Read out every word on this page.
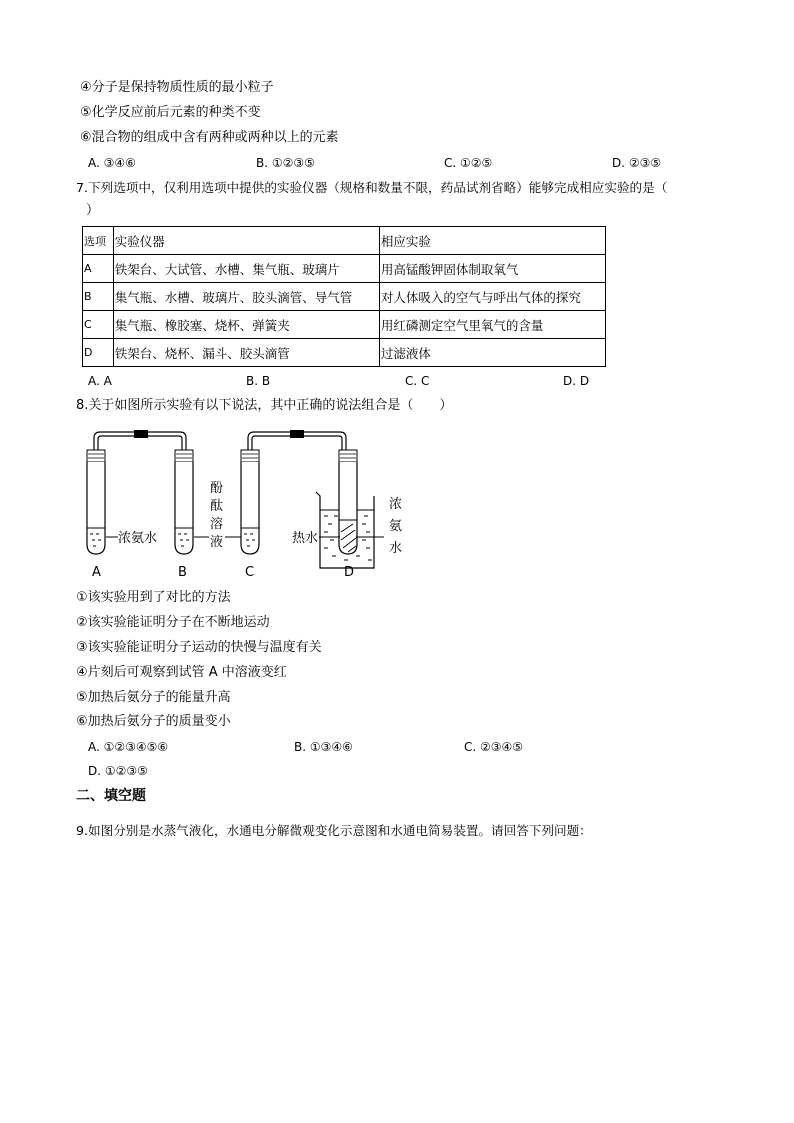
④分子是保持物质性质的最小粒子
⑤化学反应前后元素的种类不变
⑥混合物的组成中含有两种或两种以上的元素
A. ③④⑥	B. ①②③⑤	C. ①②⑤	D. ②③⑤
7.下列选项中，仅利用选项中提供的实验仪器（规格和数量不限，药品试剂省略）能够完成相应实验的是（
）
选项	实验仪器	相应实验
A	铁架台、大试管、水槽、集气瓶、玻璃片	用高锰酸钾固体制取氧气
B	集气瓶、水槽、玻璃片、胶头滴管、导气管	对人体吸入的空气与呼出气体的探究
C	集气瓶、橡胶塞、烧杯、弹簧夹	用红磷测定空气里氧气的含量
D	铁架台、烧杯、漏斗、胶头滴管	过滤液体
A. A	B. B	C. C	D. D
8.关于如图所示实验有以下说法，其中正确的说法组合是（　　）
浓氨水
酚
酞
溶
液	热水
浓
氨
水
A	B	C	D
①该实验用到了对比的方法
②该实验能证明分子在不断地运动
③该实验能证明分子运动的快慢与温度有关
④片刻后可观察到试管 A 中溶液变红
⑤加热后氨分子的能量升高
⑥加热后氨分子的质量变小
A. ①②③④⑤⑥	B. ①③④⑥	C. ②③④⑤
D. ①②③⑤
二、填空题
9.如图分别是水蒸气液化，水通电分解微观变化示意图和水通电简易装置。请回答下列问题：
